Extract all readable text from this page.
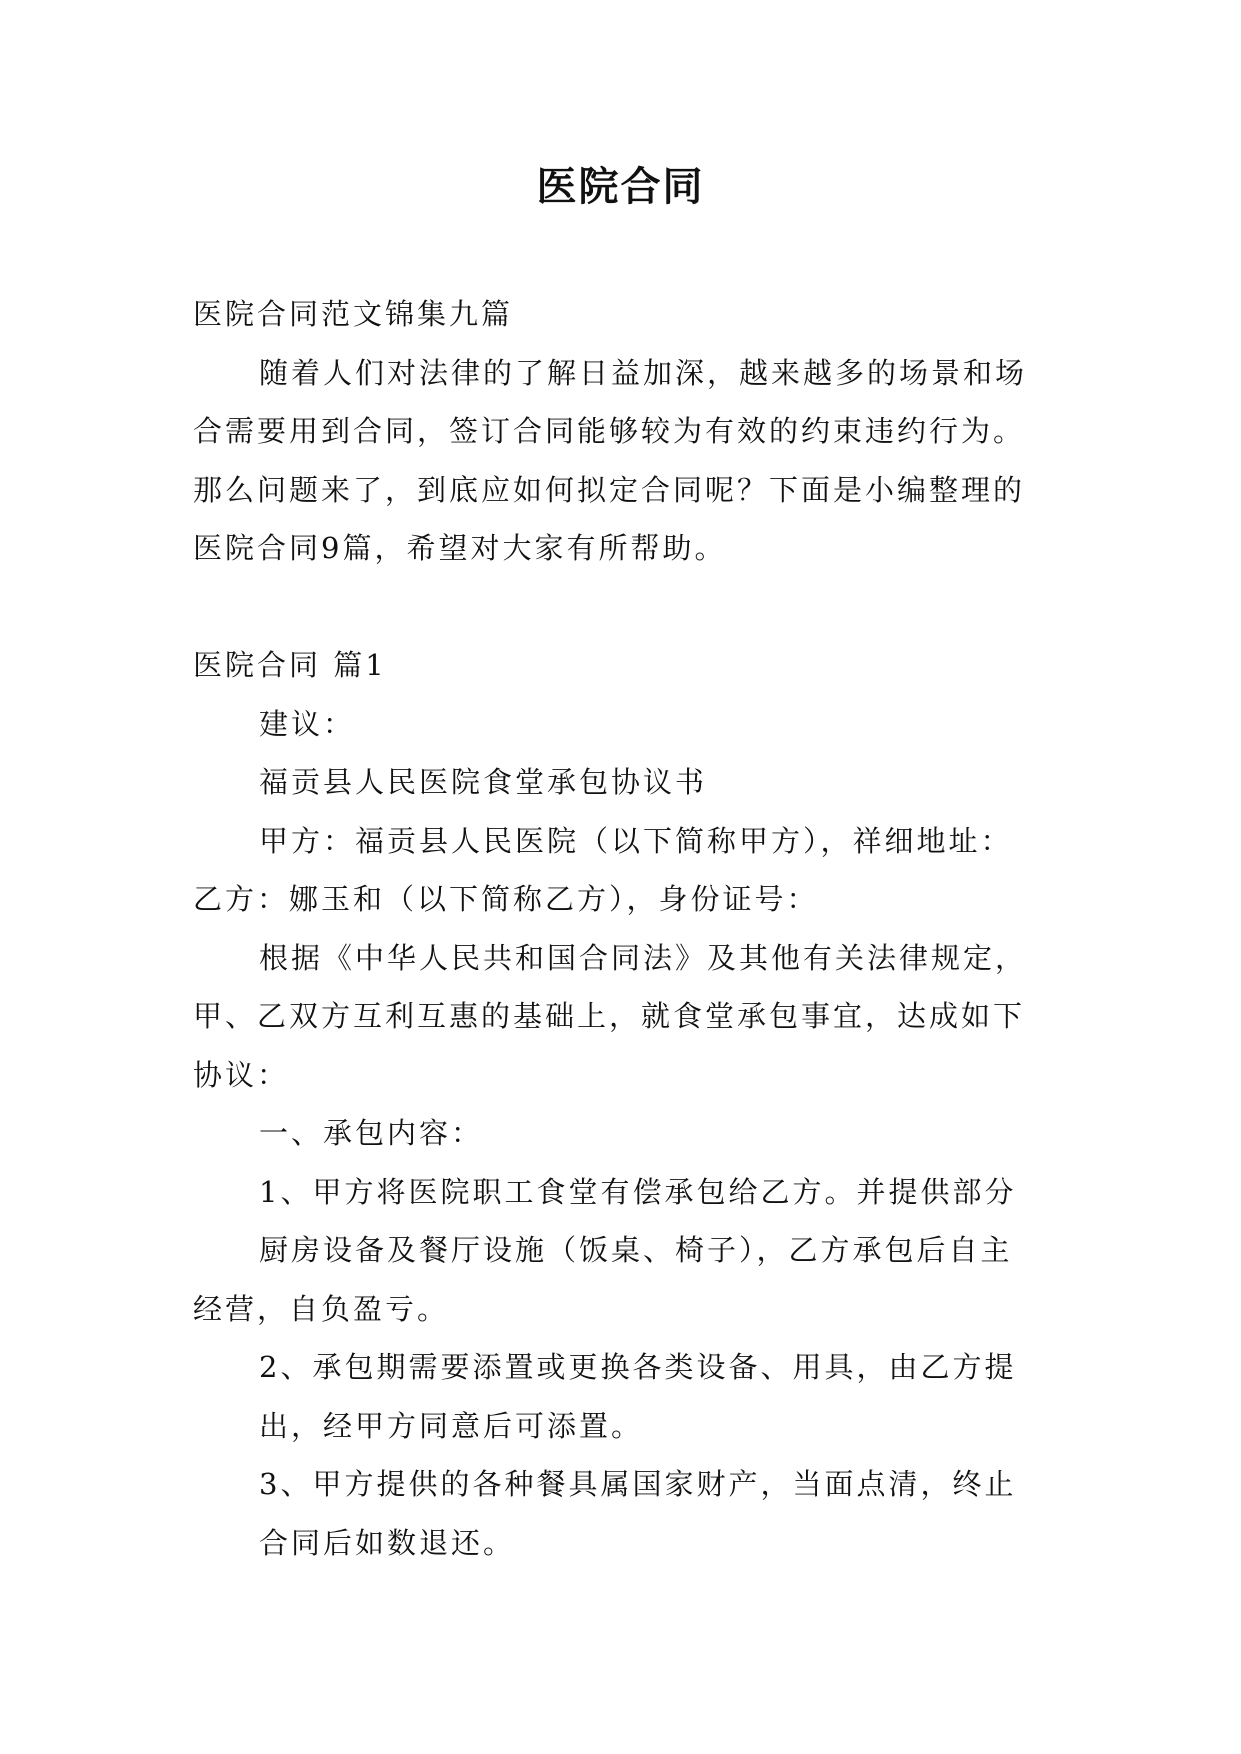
医院合同
医院合同范文锦集九篇
随着人们对法律的了解日益加深，越来越多的场景和场
合需要用到合同，签订合同能够较为有效的约束违约行为。
那么问题来了，到底应如何拟定合同呢？下面是小编整理的
医院合同9篇，希望对大家有所帮助。
医院合同 篇1
建议：
福贡县人民医院食堂承包协议书
甲方：福贡县人民医院（以下简称甲方），祥细地址：
乙方：娜玉和（以下简称乙方），身份证号：
根据《中华人民共和国合同法》及其他有关法律规定，
甲、乙双方互利互惠的基础上，就食堂承包事宜，达成如下
协议：
一、承包内容：
1、甲方将医院职工食堂有偿承包给乙方。并提供部分
厨房设备及餐厅设施（饭桌、椅子），乙方承包后自主
经营，自负盈亏。
2、承包期需要添置或更换各类设备、用具，由乙方提
出，经甲方同意后可添置。
3、甲方提供的各种餐具属国家财产，当面点清，终止
合同后如数退还。
